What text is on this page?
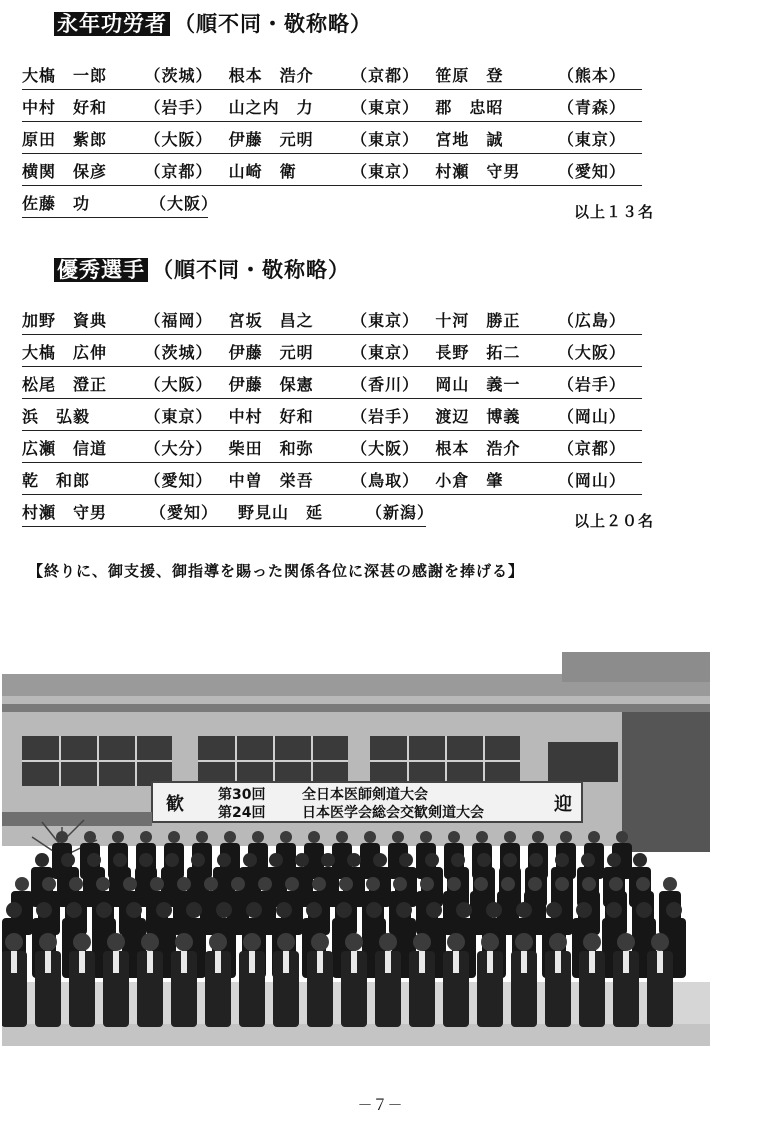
永年功労者 （順不同・敬称略）
大𣘺　一郎	（茨城）	根本　浩介	（京都）	笹原　登	（熊本）
中村　好和	（岩手）	山之内　力	（東京）	郡　忠昭	（青森）
原田　紫郎	（大阪）	伊藤　元明	（東京）	宮地　誠	（東京）
横関　保彦	（京都）	山崎　衛	（東京）	村瀬　守男	（愛知）
佐藤　功	（大阪）	以上１３名
優秀選手 （順不同・敬称略）
加野　資典	（福岡）	宮坂　昌之	（東京）	十河　勝正	（広島）
大𣘺　広伸	（茨城）	伊藤　元明	（東京）	長野　拓二	（大阪）
松尾　澄正	（大阪）	伊藤　保憲	（香川）	岡山　義一	（岩手）
浜　弘毅	（東京）	中村　好和	（岩手）	渡辺　博義	（岡山）
広瀬　信道	（大分）	柴田　和弥	（大阪）	根本　浩介	（京都）
乾　和郎	（愛知）	中曽　栄吾	（鳥取）	小倉　肇	（岡山）
村瀬　守男	（愛知）	野見山　延	（新潟）	以上２０名
【終りに、御支援、御指導を賜った関係各位に深甚の感謝を捧げる】
歓	迎
第30回	全日本医師剣道大会
第24回	日本医学会総会交歓剣道大会
－７－
